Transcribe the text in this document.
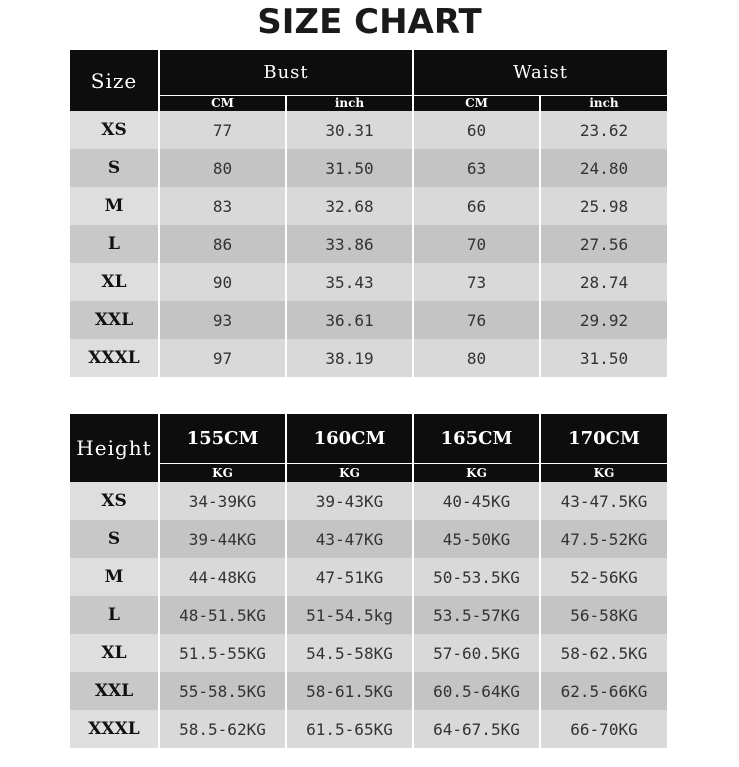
SIZE CHART
Size	Bust		Waist	
	CM	inch	CM	inch
XS	77	30.31	60	23.62
S	80	31.50	63	24.80
M	83	32.68	66	25.98
L	86	33.86	70	27.56
XL	90	35.43	73	28.74
XXL	93	36.61	76	29.92
XXXL	97	38.19	80	31.50
Height	155CM	160CM	165CM	170CM
	KG	KG	KG	KG
XS	34-39KG	39-43KG	40-45KG	43-47.5KG
S	39-44KG	43-47KG	45-50KG	47.5-52KG
M	44-48KG	47-51KG	50-53.5KG	52-56KG
L	48-51.5KG	51-54.5kg	53.5-57KG	56-58KG
XL	51.5-55KG	54.5-58KG	57-60.5KG	58-62.5KG
XXL	55-58.5KG	58-61.5KG	60.5-64KG	62.5-66KG
XXXL	58.5-62KG	61.5-65KG	64-67.5KG	66-70KG
